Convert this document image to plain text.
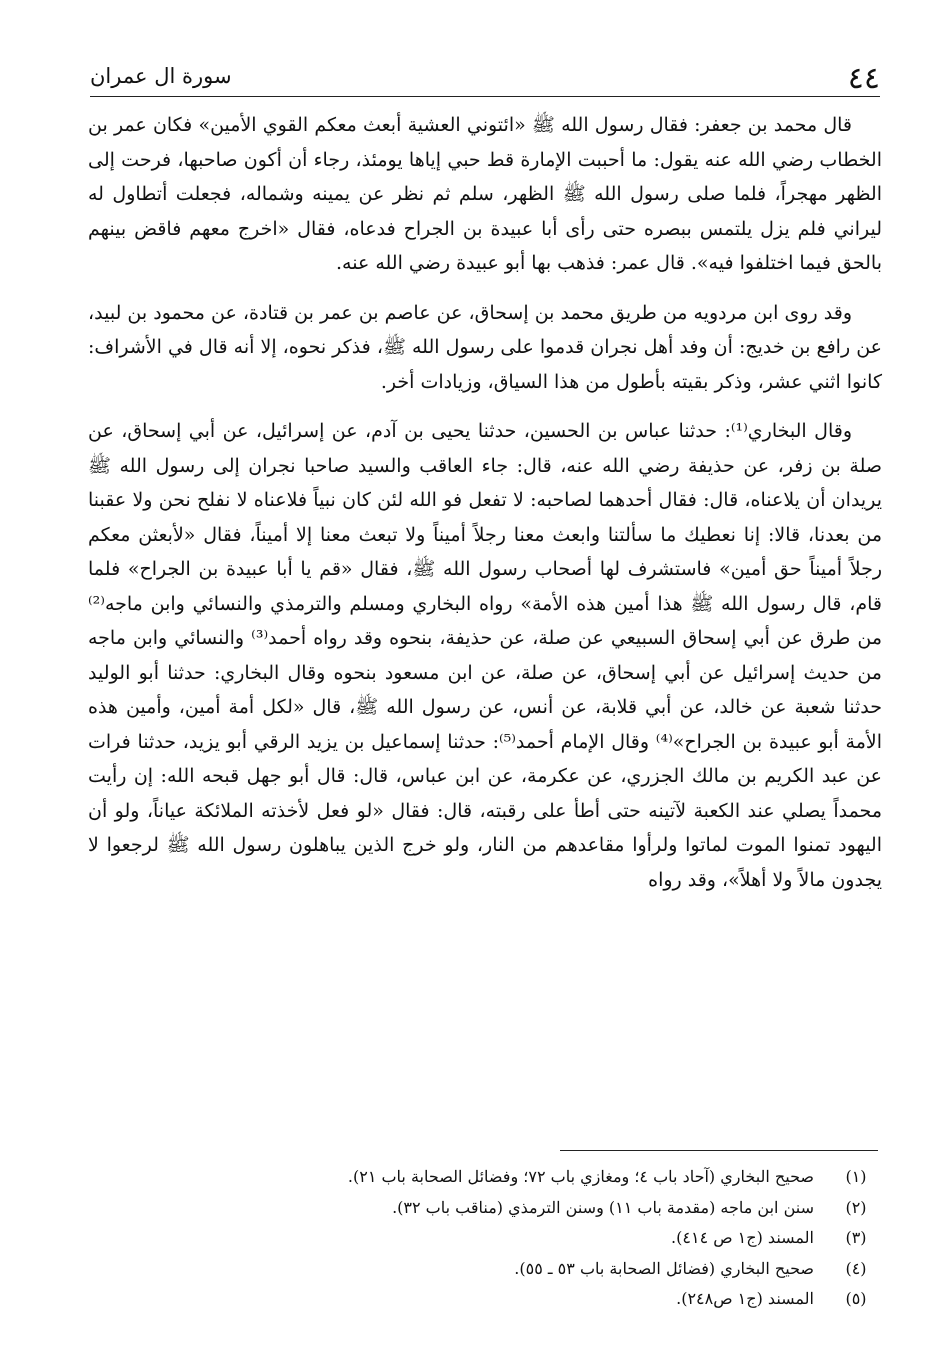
٤٤
سورة ال عمران

قال محمد بن جعفر: فقال رسول الله ﷺ «ائتوني العشية أبعث معكم القوي الأمين» فكان عمر بن الخطاب رضي الله عنه يقول: ما أحببت الإمارة قط حبي إياها يومئذ، رجاء أن أكون صاحبها، فرحت إلى الظهر مهجراً، فلما صلى رسول الله ﷺ الظهر، سلم ثم نظر عن يمينه وشماله، فجعلت أتطاول له ليراني فلم يزل يلتمس ببصره حتى رأى أبا عبيدة بن الجراح فدعاه، فقال «اخرج معهم فاقض بينهم بالحق فيما اختلفوا فيه». قال عمر: فذهب بها أبو عبيدة رضي الله عنه.

وقد روى ابن مردويه من طريق محمد بن إسحاق، عن عاصم بن عمر بن قتادة، عن محمود بن لبيد، عن رافع بن خديج: أن وفد أهل نجران قدموا على رسول الله ﷺ، فذكر نحوه، إلا أنه قال في الأشراف: كانوا اثني عشر، وذكر بقيته بأطول من هذا السياق، وزيادات أخر.

وقال البخاري⁽¹⁾: حدثنا عباس بن الحسين، حدثنا يحيى بن آدم، عن إسرائيل، عن أبي إسحاق، عن صلة بن زفر، عن حذيفة رضي الله عنه، قال: جاء العاقب والسيد صاحبا نجران إلى رسول الله ﷺ يريدان أن يلاعناه، قال: فقال أحدهما لصاحبه: لا تفعل فو الله لئن كان نبياً فلاعناه لا نفلح نحن ولا عقبنا من بعدنا، قالا: إنا نعطيك ما سألتنا وابعث معنا رجلاً أميناً ولا تبعث معنا إلا أميناً، فقال «لأبعثن معكم رجلاً أميناً حق أمين» فاستشرف لها أصحاب رسول الله ﷺ، فقال «قم يا أبا عبيدة بن الجراح» فلما قام، قال رسول الله ﷺ هذا أمين هذه الأمة» رواه البخاري ومسلم والترمذي والنسائي وابن ماجه⁽²⁾ من طرق عن أبي إسحاق السبيعي عن صلة، عن حذيفة، بنحوه وقد رواه أحمد⁽³⁾ والنسائي وابن ماجه من حديث إسرائيل عن أبي إسحاق، عن صلة، عن ابن مسعود بنحوه وقال البخاري: حدثنا أبو الوليد حدثنا شعبة عن خالد، عن أبي قلابة، عن أنس، عن رسول الله ﷺ، قال «لكل أمة أمين، وأمين هذه الأمة أبو عبيدة بن الجراح»⁽⁴⁾ وقال الإمام أحمد⁽⁵⁾: حدثنا إسماعيل بن يزيد الرقي أبو يزيد، حدثنا فرات عن عبد الكريم بن مالك الجزري، عن عكرمة، عن ابن عباس، قال: قال أبو جهل قبحه الله: إن رأيت محمداً يصلي عند الكعبة لآتينه حتى أطأ على رقبته، قال: فقال «لو فعل لأخذته الملائكة عياناً، ولو أن اليهود تمنوا الموت لماتوا ولرأوا مقاعدهم من النار، ولو خرج الذين يباهلون رسول الله ﷺ لرجعوا لا يجدون مالاً ولا أهلاً»، وقد رواه

(١)
صحيح البخاري (آحاد باب ٤؛ ومغازي باب ٧٢؛ وفضائل الصحابة باب ٢١).
(٢)
سنن ابن ماجه (مقدمة باب ١١) وسنن الترمذي (مناقب باب ٣٢).
(٣)
المسند (ج١ ص ٤١٤).
(٤)
صحيح البخاري (فضائل الصحابة باب ٥٣ ـ ٥٥).
(٥)
المسند (ج١ ص٢٤٨).
